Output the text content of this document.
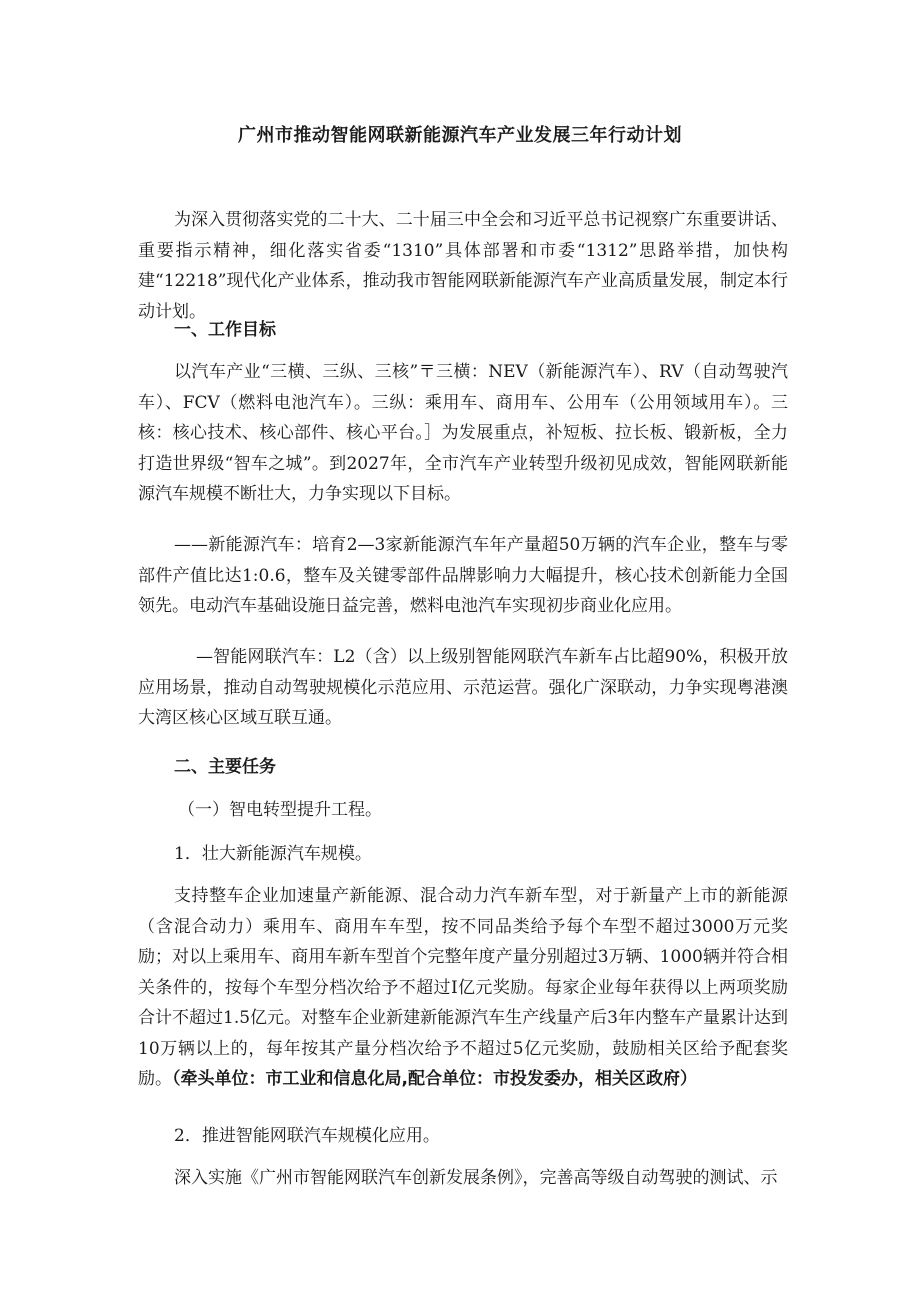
广州市推动智能网联新能源汽车产业发展三年行动计划

为深入贯彻落实党的二十大、二十届三中全会和习近平总书记视察广东重要讲话、重要指示精神，细化落实省委“1310”具体部署和市委“1312”思路举措，加快构建“12218”现代化产业体系，推动我市智能网联新能源汽车产业高质量发展，制定本行动计划。

一、工作目标

以汽车产业“三横、三纵、三核”〒三横：NEV（新能源汽车）、RV（自动驾驶汽车）、FCV（燃料电池汽车）。三纵：乘用车、商用车、公用车（公用领域用车）。三核：核心技术、核心部件、核心平台。］为发展重点，补短板、拉长板、锻新板，全力打造世界级“智车之城”。到2027年，全市汽车产业转型升级初见成效，智能网联新能源汽车规模不断壮大，力争实现以下目标。

——新能源汽车：培育2—3家新能源汽车年产量超50万辆的汽车企业，整车与零部件产值比达1:0.6，整车及关键零部件品牌影响力大幅提升，核心技术创新能力全国领先。电动汽车基础设施日益完善，燃料电池汽车实现初步商业化应用。

—智能网联汽车：L2（含）以上级别智能网联汽车新车占比超90%，积极开放应用场景，推动自动驾驶规模化示范应用、示范运营。强化广深联动，力争实现粤港澳大湾区核心区域互联互通。

二、主要任务

（一）智电转型提升工程。

1．壮大新能源汽车规模。

支持整车企业加速量产新能源、混合动力汽车新车型，对于新量产上市的新能源（含混合动力）乘用车、商用车车型，按不同品类给予每个车型不超过3000万元奖励；对以上乘用车、商用车新车型首个完整年度产量分别超过3万辆、1000辆并符合相关条件的，按每个车型分档次给予不超过I亿元奖励。每家企业每年获得以上两项奖励合计不超过1.5亿元。对整车企业新建新能源汽车生产线量产后3年内整车产量累计达到10万辆以上的，每年按其产量分档次给予不超过5亿元奖励，鼓励相关区给予配套奖励。（牵头单位：市工业和信息化局,配合单位：市投发委办，相关区政府）

2．推进智能网联汽车规模化应用。

深入实施《广州市智能网联汽车创新发展条例》，完善高等级自动驾驶的测试、示
